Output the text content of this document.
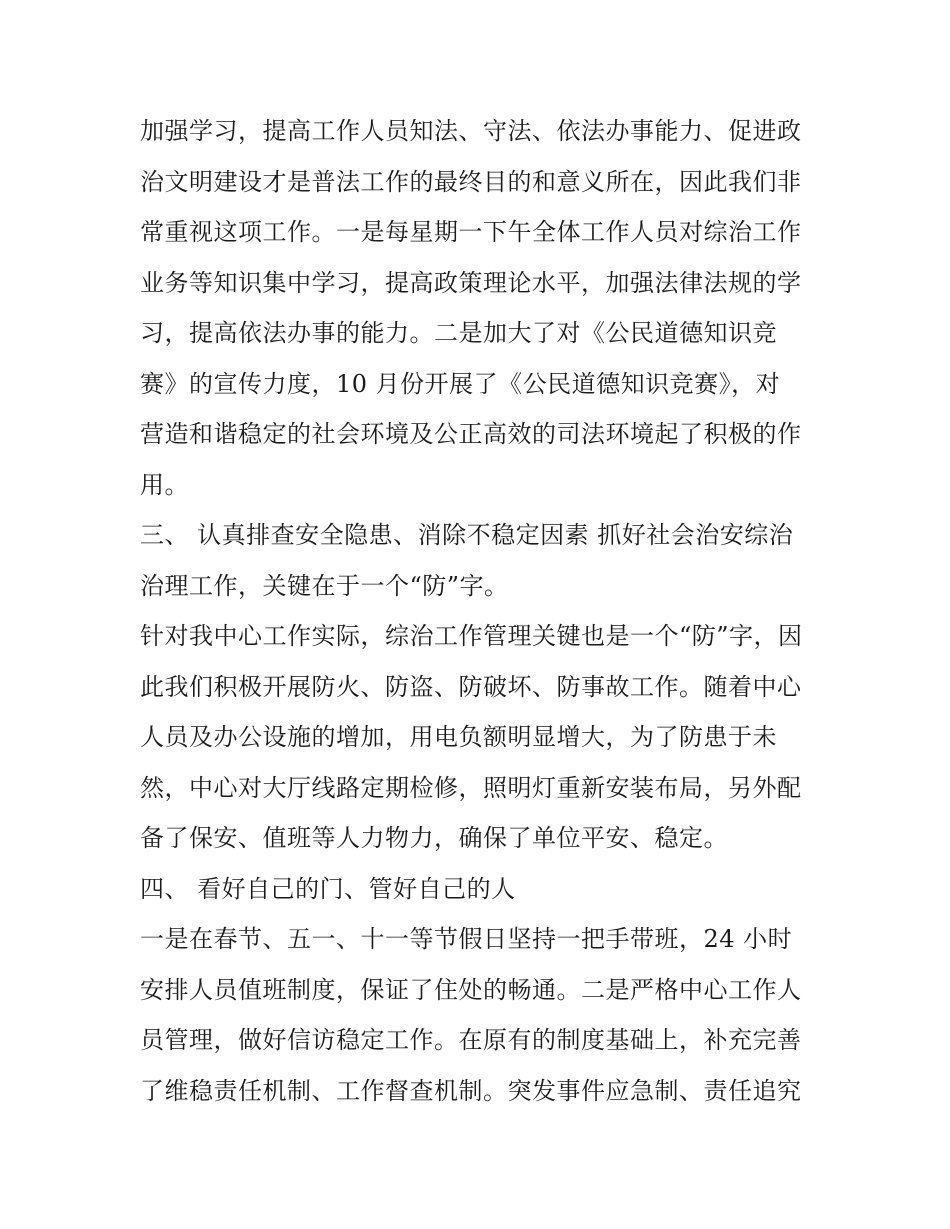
加强学习，提高工作人员知法、守法、依法办事能力、促进政
治文明建设才是普法工作的最终目的和意义所在，因此我们非
常重视这项工作。一是每星期一下午全体工作人员对综治工作
业务等知识集中学习，提高政策理论水平，加强法律法规的学
习，提高依法办事的能力。二是加大了对《公民道德知识竞
赛》的宣传力度，10 月份开展了《公民道德知识竞赛》，对
营造和谐稳定的社会环境及公正高效的司法环境起了积极的作
用。
三、 认真排查安全隐患、消除不稳定因素 抓好社会治安综治
治理工作，关键在于一个“防”字。
针对我中心工作实际，综治工作管理关键也是一个“防”字，因
此我们积极开展防火、防盗、防破坏、防事故工作。随着中心
人员及办公设施的增加，用电负额明显增大，为了防患于未
然，中心对大厅线路定期检修，照明灯重新安装布局，另外配
备了保安、值班等人力物力，确保了单位平安、稳定。
四、 看好自己的门、管好自己的人
一是在春节、五一、十一等节假日坚持一把手带班，24 小时
安排人员值班制度，保证了住处的畅通。二是严格中心工作人
员管理，做好信访稳定工作。在原有的制度基础上，补充完善
了维稳责任机制、工作督查机制。突发事件应急制、责任追究
